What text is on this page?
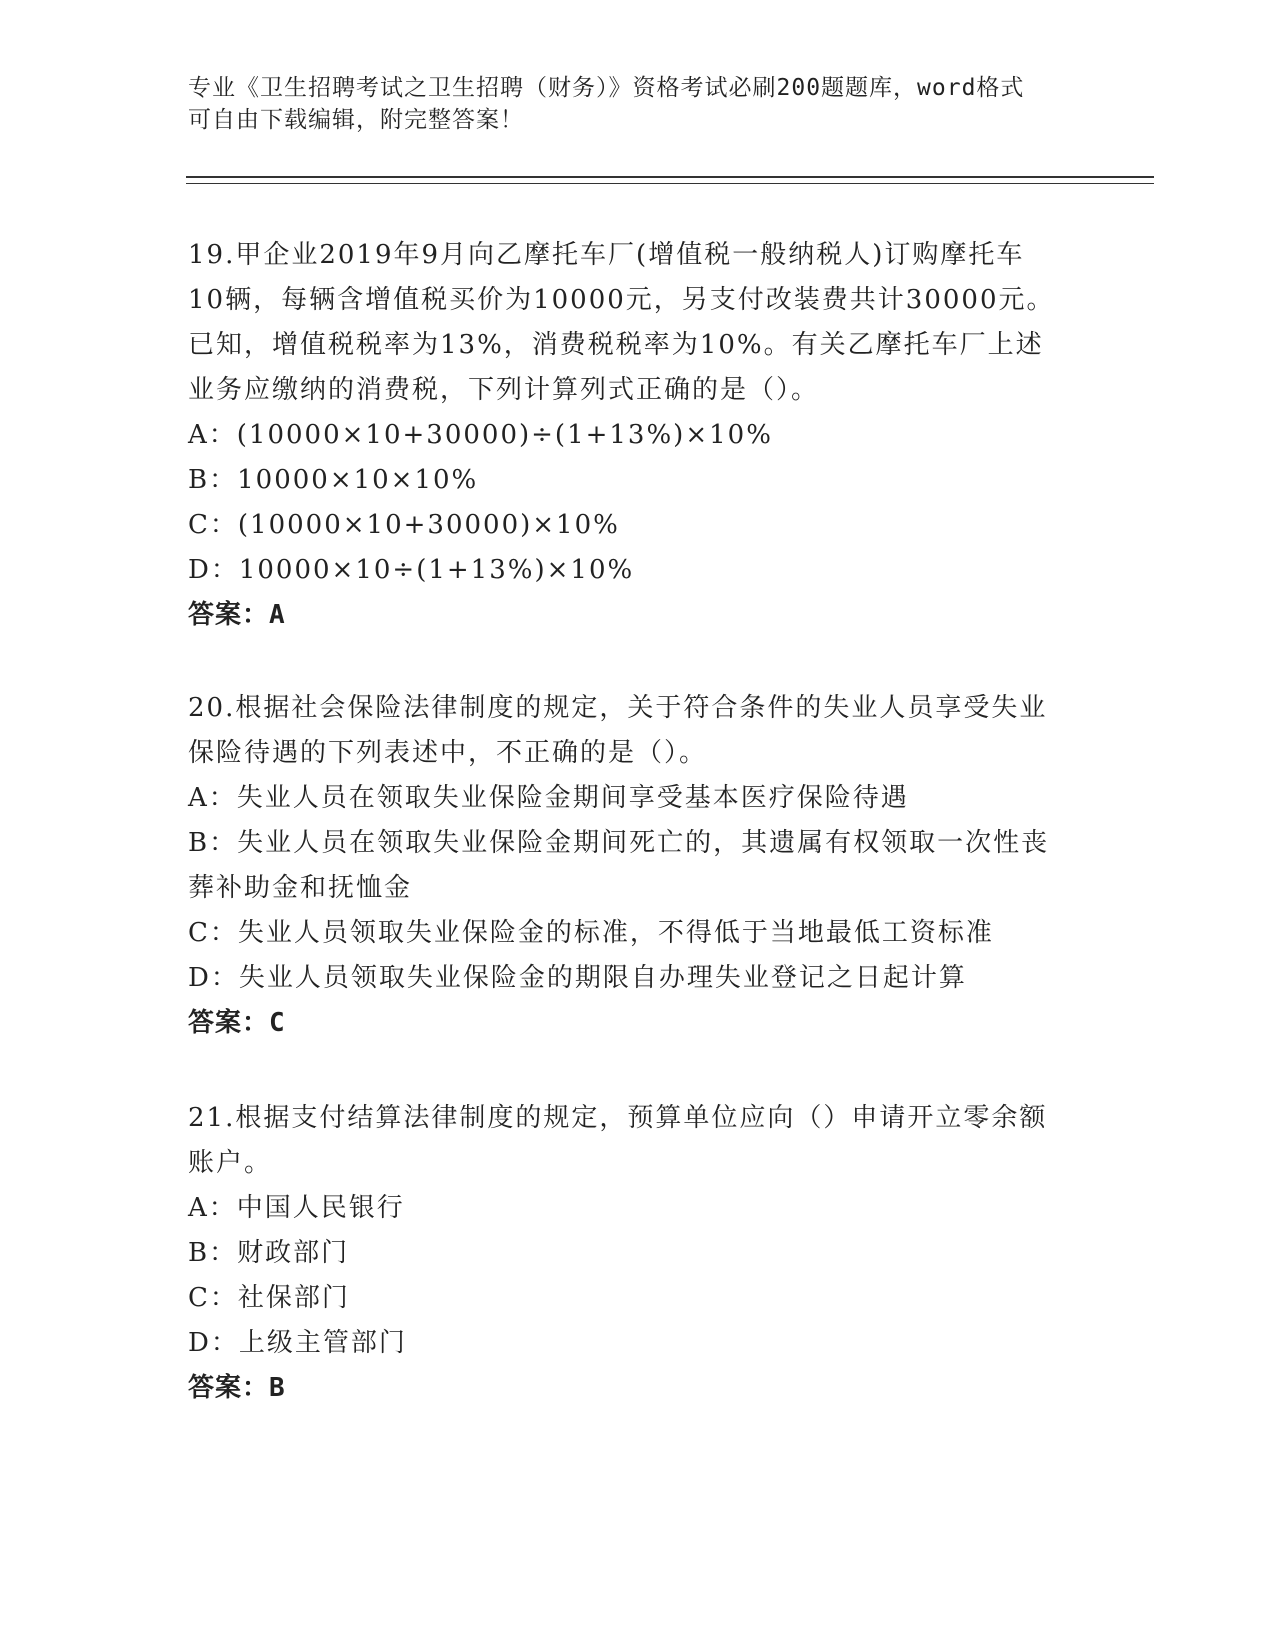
专业《卫生招聘考试之卫生招聘（财务）》资格考试必刷200题题库，word格式
可自由下载编辑，附完整答案！
19.甲企业2019年9月向乙摩托车厂(增值税一般纳税人)订购摩托车
10辆，每辆含增值税买价为10000元，另支付改装费共计30000元。
已知，增值税税率为13%，消费税税率为10%。有关乙摩托车厂上述
业务应缴纳的消费税，下列计算列式正确的是（）。
A：(10000×10+30000)÷(1+13%)×10%
B：10000×10×10%
C：(10000×10+30000)×10%
D：10000×10÷(1+13%)×10%
答案：A
20.根据社会保险法律制度的规定，关于符合条件的失业人员享受失业
保险待遇的下列表述中，不正确的是（）。
A：失业人员在领取失业保险金期间享受基本医疗保险待遇
B：失业人员在领取失业保险金期间死亡的，其遗属有权领取一次性丧
葬补助金和抚恤金
C：失业人员领取失业保险金的标准，不得低于当地最低工资标准
D：失业人员领取失业保险金的期限自办理失业登记之日起计算
答案：C
21.根据支付结算法律制度的规定，预算单位应向（）申请开立零余额
账户。
A：中国人民银行
B：财政部门
C：社保部门
D：上级主管部门
答案：B
